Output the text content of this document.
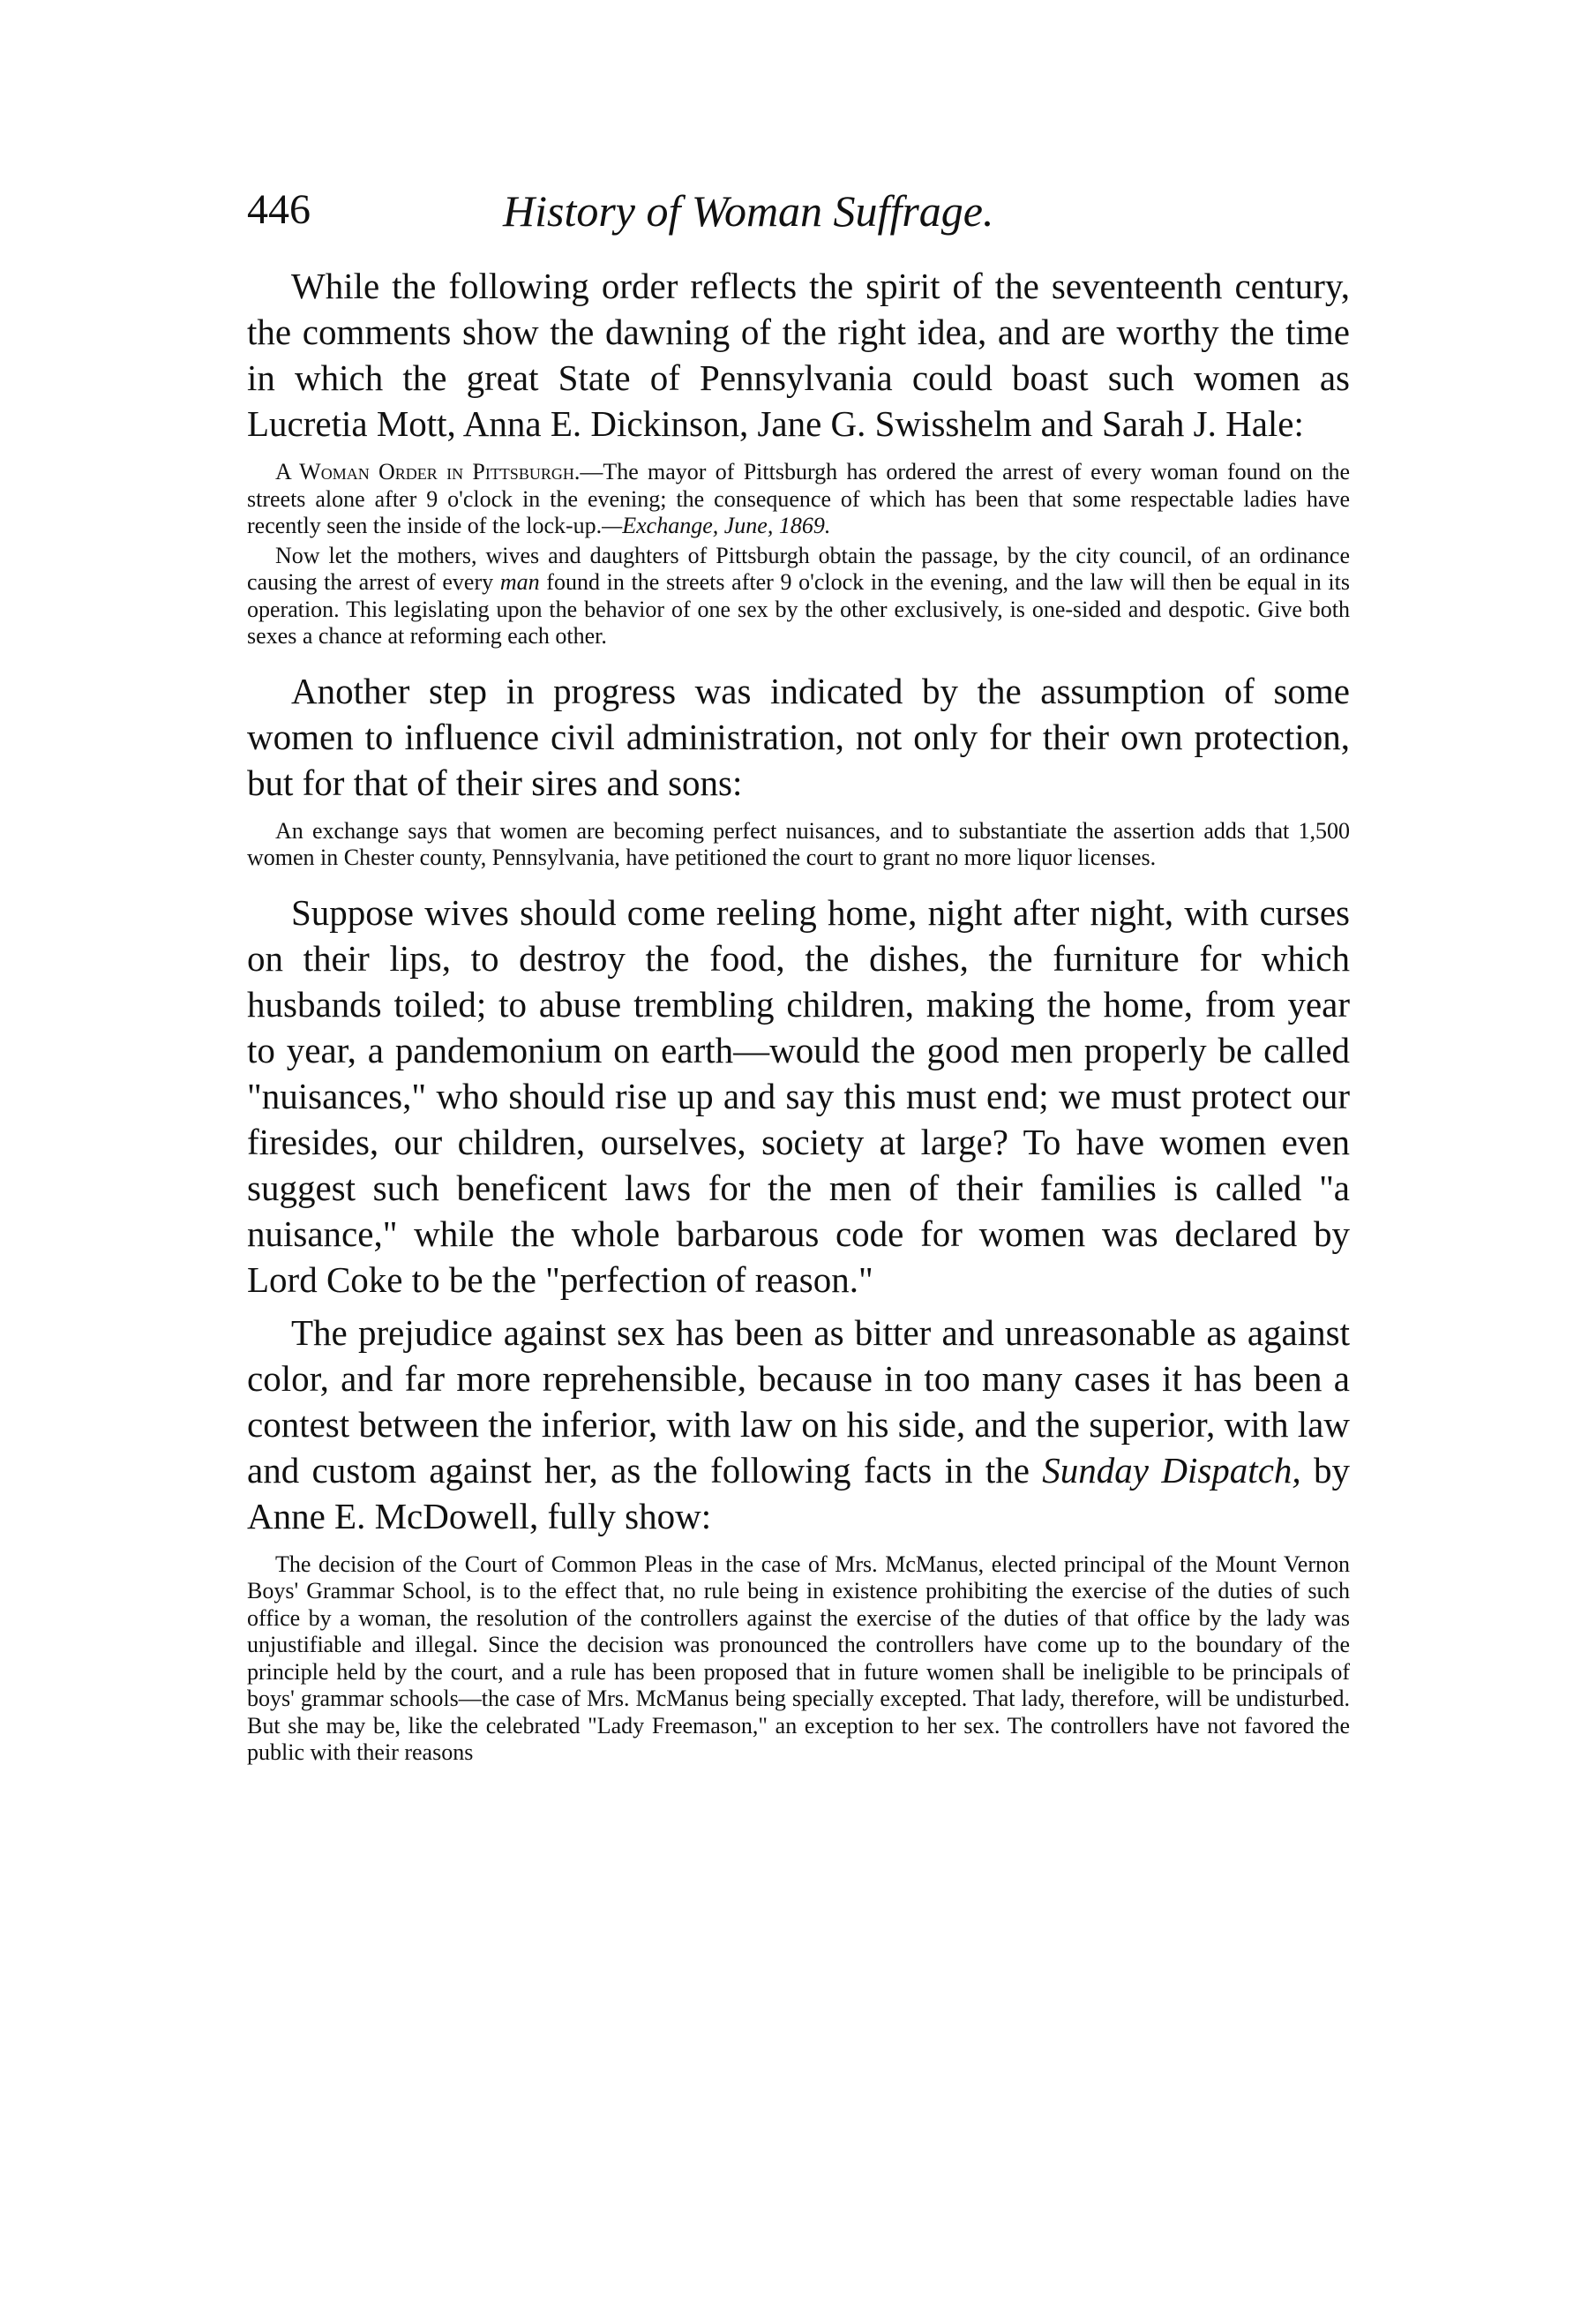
446	History of Woman Suffrage.

While the following order reflects the spirit of the seventeenth century, the comments show the dawning of the right idea, and are worthy the time in which the great State of Pennsylvania could boast such women as Lucretia Mott, Anna E. Dickinson, Jane G. Swisshelm and Sarah J. Hale:

A Woman Order in Pittsburgh.—The mayor of Pittsburgh has ordered the arrest of every woman found on the streets alone after 9 o'clock in the evening; the consequence of which has been that some respectable ladies have recently seen the inside of the lock-up.—Exchange, June, 1869.

Now let the mothers, wives and daughters of Pittsburgh obtain the passage, by the city council, of an ordinance causing the arrest of every man found in the streets after 9 o'clock in the evening, and the law will then be equal in its operation. This legislating upon the behavior of one sex by the other exclusively, is one-sided and despotic. Give both sexes a chance at reforming each other.

Another step in progress was indicated by the assumption of some women to influence civil administration, not only for their own protection, but for that of their sires and sons:

An exchange says that women are becoming perfect nuisances, and to substantiate the assertion adds that 1,500 women in Chester county, Pennsylvania, have petitioned the court to grant no more liquor licenses.

Suppose wives should come reeling home, night after night, with curses on their lips, to destroy the food, the dishes, the furniture for which husbands toiled; to abuse trembling children, making the home, from year to year, a pandemonium on earth—would the good men properly be called "nuisances," who should rise up and say this must end; we must protect our firesides, our children, ourselves, society at large? To have women even suggest such beneficent laws for the men of their families is called "a nuisance," while the whole barbarous code for women was declared by Lord Coke to be the "perfection of reason."

The prejudice against sex has been as bitter and unreasonable as against color, and far more reprehensible, because in too many cases it has been a contest between the inferior, with law on his side, and the superior, with law and custom against her, as the following facts in the Sunday Dispatch, by Anne E. McDowell, fully show:

The decision of the Court of Common Pleas in the case of Mrs. McManus, elected principal of the Mount Vernon Boys' Grammar School, is to the effect that, no rule being in existence prohibiting the exercise of the duties of such office by a woman, the resolution of the controllers against the exercise of the duties of that office by the lady was unjustifiable and illegal. Since the decision was pronounced the controllers have come up to the boundary of the principle held by the court, and a rule has been proposed that in future women shall be ineligible to be principals of boys' grammar schools—the case of Mrs. McManus being specially excepted. That lady, therefore, will be undisturbed. But she may be, like the celebrated "Lady Freemason," an exception to her sex. The controllers have not favored the public with their reasons
